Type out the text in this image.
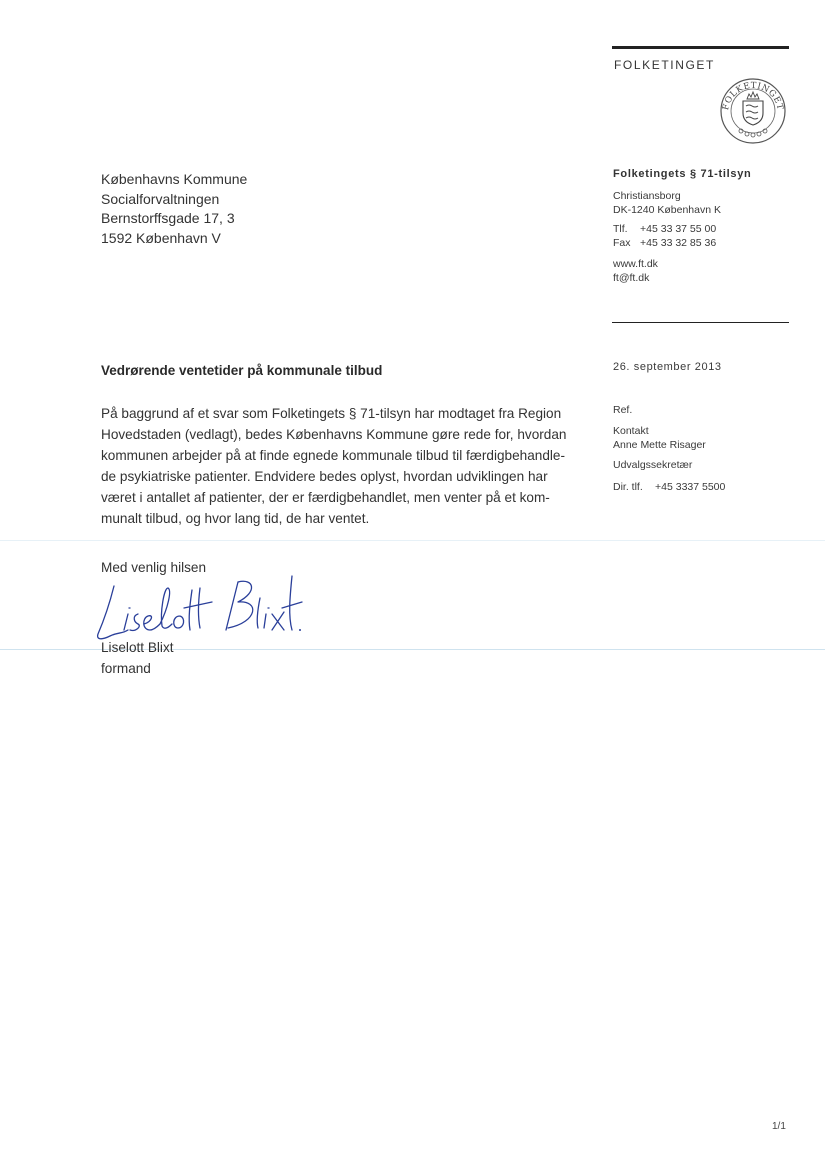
FOLKETINGET
FOLKETINGET
Københavns Kommune
Socialforvaltningen
Bernstorffsgade 17, 3
1592 København V
Folketingets § 71-tilsyn
Christiansborg
DK-1240 København K
Tlf. +45 33 37 55 00
Fax +45 33 32 85 36
www.ft.dk
ft@ft.dk
Vedrørende ventetider på kommunale tilbud	26. september 2013
På baggrund af et svar som Folketingets § 71-tilsyn har modtaget fra Region
Hovedstaden (vedlagt), bedes Københavns Kommune gøre rede for, hvordan
kommunen arbejder på at finde egnede kommunale tilbud til færdigbehandle-
de psykiatriske patienter. Endvidere bedes oplyst, hvordan udviklingen har
været i antallet af patienter, der er færdigbehandlet, men venter på et kom-
munalt tilbud, og hvor lang tid, de har ventet.
Ref.
Kontakt
Anne Mette Risager
Udvalgssekretær
Dir. tlf. +45 3337 5500
Med venlig hilsen
Liselott Blixt
formand
1/1
